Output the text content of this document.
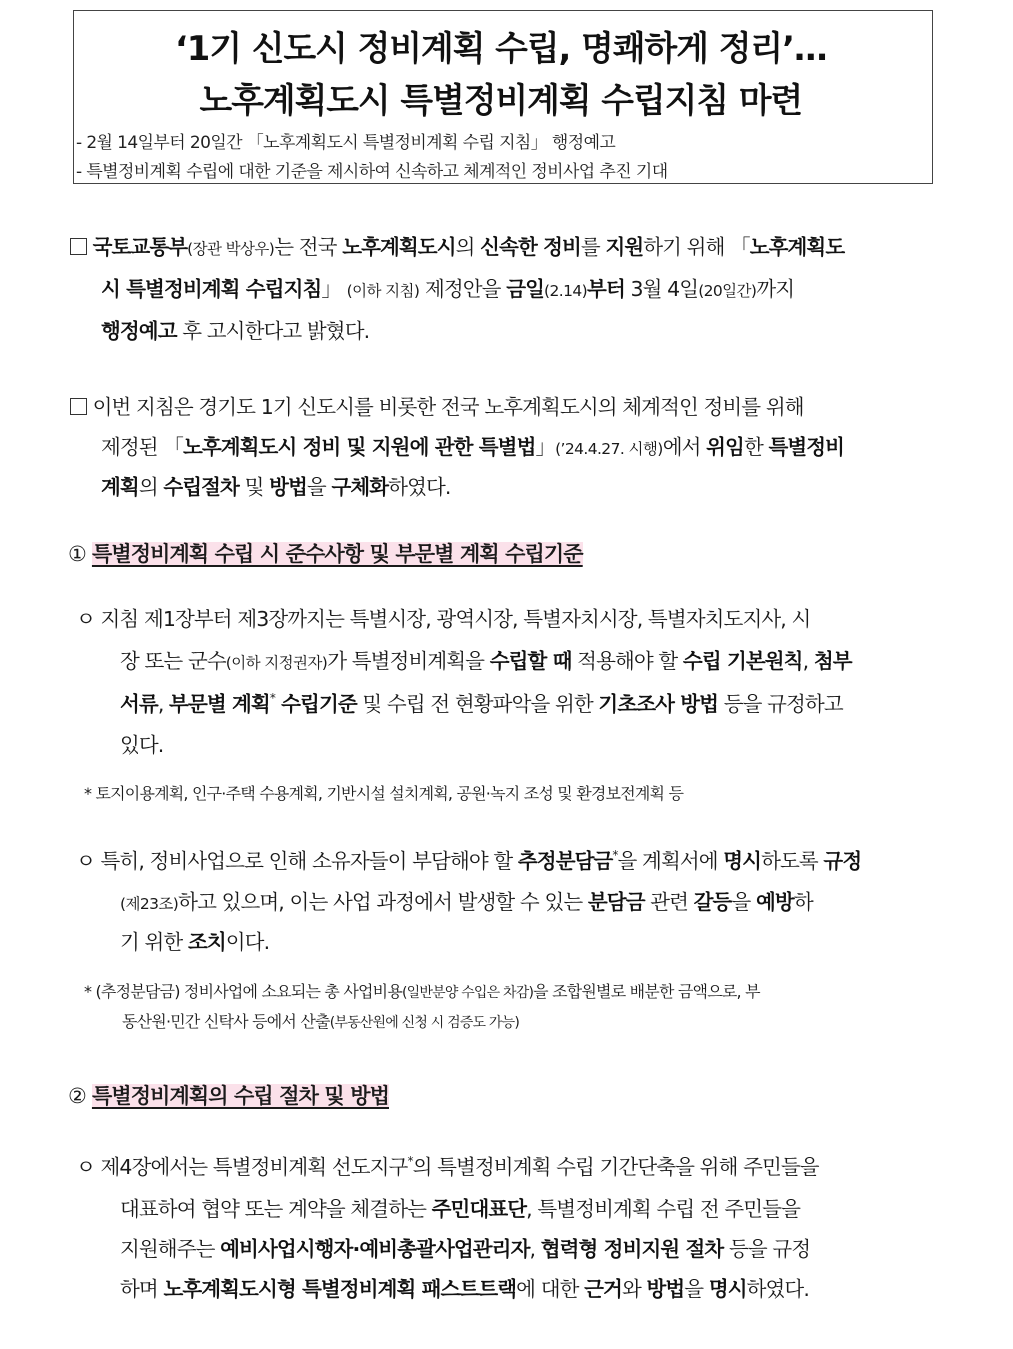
‘1기 신도시 정비계획 수립, 명쾌하게 정리’…
노후계획도시 특별정비계획 수립지침 마련
- 2월 14일부터 20일간 「노후계획도시 특별정비계획 수립 지침」 행정예고
- 특별정비계획 수립에 대한 기준을 제시하여 신속하고 체계적인 정비사업 추진 기대
국토교통부(장관 박상우)는 전국 노후계획도시의 신속한 정비를 지원하기 위해 「노후계획도
시 특별정비계획 수립지침」 (이하 지침) 제정안을 금일(2.14)부터 3월 4일(20일간)까지
행정예고 후 고시한다고 밝혔다.
이번 지침은 경기도 1기 신도시를 비롯한 전국 노후계획도시의 체계적인 정비를 위해
제정된 「노후계획도시 정비 및 지원에 관한 특별법」(’24.4.27. 시행)에서 위임한 특별정비
계획의 수립절차 및 방법을 구체화하였다.
① 특별정비계획 수립 시 준수사항 및 부문별 계획 수립기준
ㅇ 지침 제1장부터 제3장까지는 특별시장, 광역시장, 특별자치시장, 특별자치도지사, 시
장 또는 군수(이하 지정권자)가 특별정비계획을 수립할 때 적용해야 할 수립 기본원칙, 첨부
서류, 부문별 계획* 수립기준 및 수립 전 현황파악을 위한 기초조사 방법 등을 규정하고
있다.
* 토지이용계획, 인구·주택 수용계획, 기반시설 설치계획, 공원·녹지 조성 및 환경보전계획 등
ㅇ 특히, 정비사업으로 인해 소유자들이 부담해야 할 추정분담금*을 계획서에 명시하도록 규정
(제23조)하고 있으며, 이는 사업 과정에서 발생할 수 있는 분담금 관련 갈등을 예방하
기 위한 조치이다.
* (추정분담금) 정비사업에 소요되는 총 사업비용(일반분양 수입은 차감)을 조합원별로 배분한 금액으로, 부
동산원·민간 신탁사 등에서 산출(부동산원에 신청 시 검증도 가능)
② 특별정비계획의 수립 절차 및 방법
ㅇ 제4장에서는 특별정비계획 선도지구*의 특별정비계획 수립 기간단축을 위해 주민들을
대표하여 협약 또는 계약을 체결하는 주민대표단, 특별정비계획 수립 전 주민들을
지원해주는 예비사업시행자·예비총괄사업관리자, 협력형 정비지원 절차 등을 규정
하며 노후계획도시형 특별정비계획 패스트트랙에 대한 근거와 방법을 명시하였다.
